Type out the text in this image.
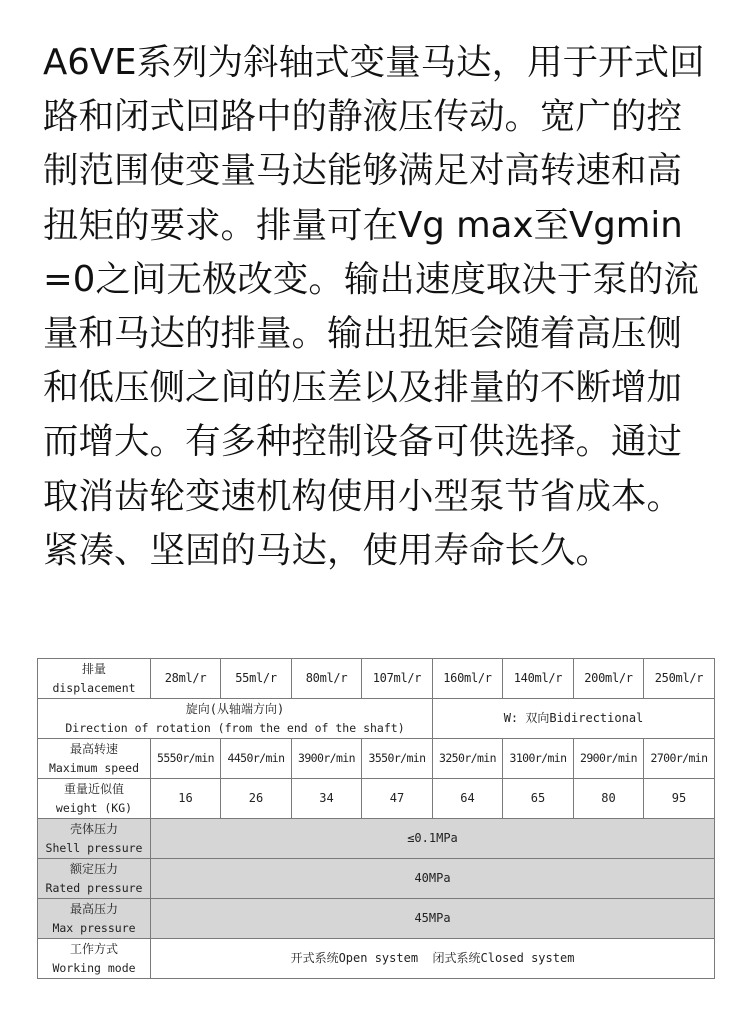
A6VE系列为斜轴式变量马达，用于开式回
路和闭式回路中的静液压传动。宽广的控
制范围使变量马达能够满足对高转速和高
扭矩的要求。排量可在Vg max至Vgmin
=0之间无极改变。输出速度取决于泵的流
量和马达的排量。输出扭矩会随着高压侧
和低压侧之间的压差以及排量的不断增加
而增大。有多种控制设备可供选择。通过
取消齿轮变速机构使用小型泵节省成本。
紧凑、坚固的马达，使用寿命长久。
排量
displacement	28ml/r	55ml/r	80ml/r	107ml/r	160ml/r	140ml/r	200ml/r	250ml/r

旋向(从轴端方向)
Direction of rotation (from the end of the shaft)					W: 双向Bidirectional			

最高转速
Maximum speed	5550r/min	4450r/min	3900r/min	3550r/min	3250r/min	3100r/min	2900r/min	2700r/min

重量近似值
weight (KG)	16	26	34	47	64	65	80	95

壳体压力
Shell pressure	≤0.1MPa							

额定压力
Rated pressure	40MPa							

最高压力
Max pressure	45MPa							

工作方式
Working mode	开式系统Open system  闭式系统Closed system							
